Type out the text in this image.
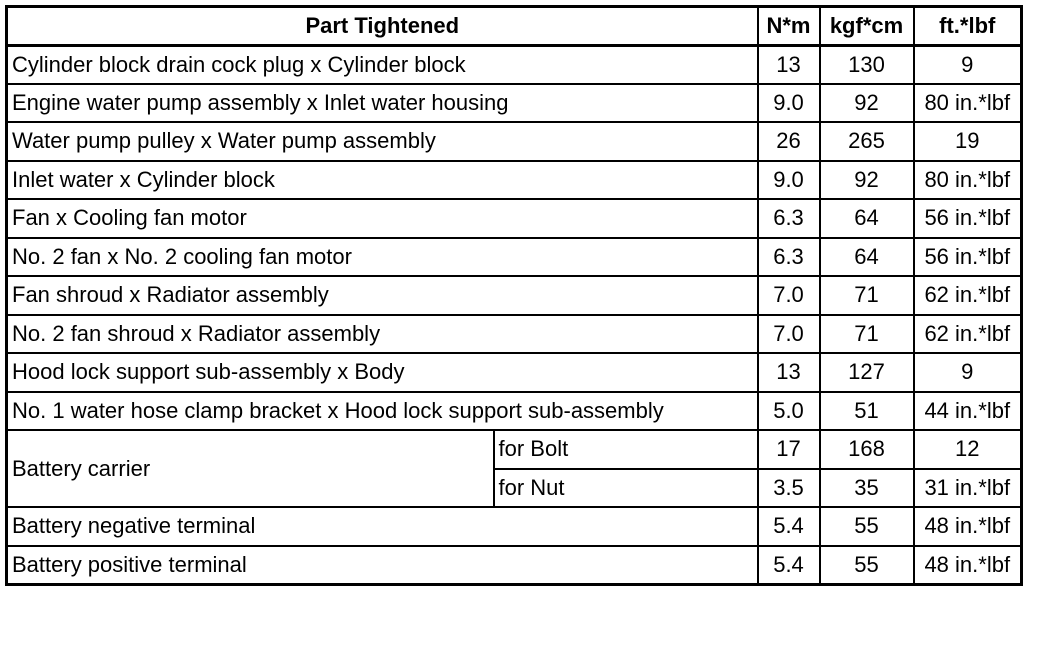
Part Tightened		N*m	kgf*cm	ft.*lbf
Cylinder block drain cock plug x Cylinder block		13	130	9
Engine water pump assembly x Inlet water housing		9.0	92	80 in.*lbf
Water pump pulley x Water pump assembly		26	265	19
Inlet water x Cylinder block		9.0	92	80 in.*lbf
Fan x Cooling fan motor		6.3	64	56 in.*lbf
No. 2 fan x No. 2 cooling fan motor		6.3	64	56 in.*lbf
Fan shroud x Radiator assembly		7.0	71	62 in.*lbf
No. 2 fan shroud x Radiator assembly		7.0	71	62 in.*lbf
Hood lock support sub-assembly x Body		13	127	9
No. 1 water hose clamp bracket x Hood lock support sub-assembly		5.0	51	44 in.*lbf
Battery carrier	for Bolt	17	168	12
	for Nut	3.5	35	31 in.*lbf
Battery negative terminal		5.4	55	48 in.*lbf
Battery positive terminal		5.4	55	48 in.*lbf
